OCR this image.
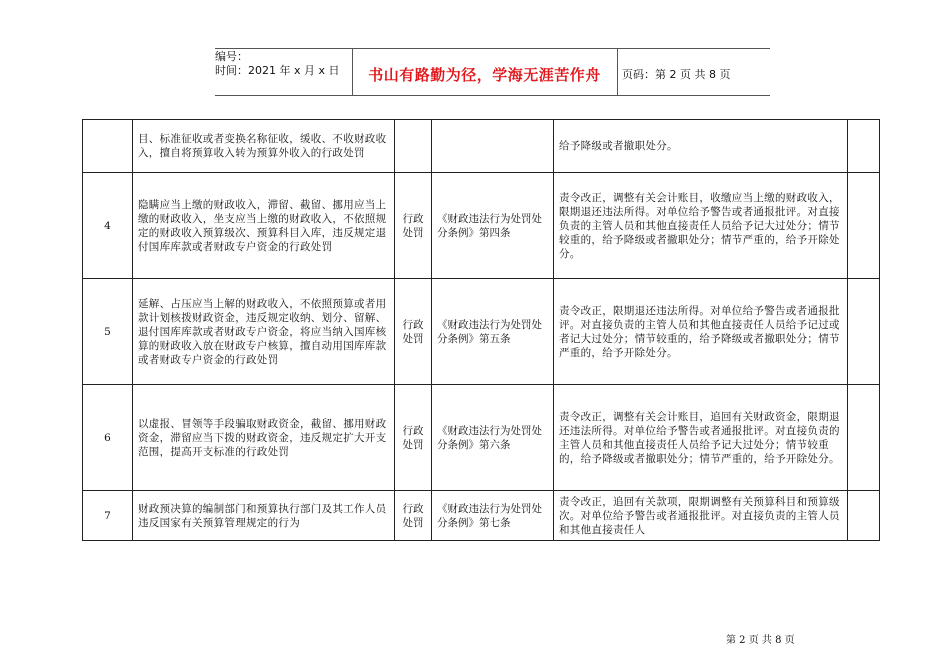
编号：
时间：2021 年 x 月 x 日	书山有路勤为径，学海无涯苦作舟	页码：第 2 页 共 8 页
	目、标准征收或者变换名称征收，缓收、不收财政收入，擅自将预算收入转为预算外收入的行政处罚			给予降级或者撤职处分。	
4	隐瞒应当上缴的财政收入，滞留、截留、挪用应当上缴的财政收入，坐支应当上缴的财政收入，不依照规定的财政收入预算级次、预算科目入库，违反规定退付国库库款或者财政专户资金的行政处罚	行政处罚	《财政违法行为处罚处分条例》第四条	责令改正，调整有关会计账目，收缴应当上缴的财政收入，限期退还违法所得。对单位给予警告或者通报批评。对直接负责的主管人员和其他直接责任人员给予记大过处分；情节较重的，给予降级或者撤职处分；情节严重的，给予开除处分。	
5	延解、占压应当上解的财政收入，不依照预算或者用款计划核拨财政资金，违反规定收纳、划分、留解、退付国库库款或者财政专户资金，将应当纳入国库核算的财政收入放在财政专户核算，擅自动用国库库款或者财政专户资金的行政处罚	行政处罚	《财政违法行为处罚处分条例》第五条	责令改正，限期退还违法所得。对单位给予警告或者通报批评。对直接负责的主管人员和其他直接责任人员给予记过或者记大过处分；情节较重的，给予降级或者撤职处分；情节严重的，给予开除处分。	
6	以虚报、冒领等手段骗取财政资金，截留、挪用财政资金，滞留应当下拨的财政资金，违反规定扩大开支范围，提高开支标准的行政处罚	行政处罚	《财政违法行为处罚处分条例》第六条	责令改正，调整有关会计账目，追回有关财政资金，限期退还违法所得。对单位给予警告或者通报批评。对直接负责的主管人员和其他直接责任人员给予记大过处分；情节较重的，给予降级或者撤职处分；情节严重的，给予开除处分。	
7	财政预决算的编制部门和预算执行部门及其工作人员违反国家有关预算管理规定的行为	行政处罚	《财政违法行为处罚处分条例》第七条	责令改正，追回有关款项，限期调整有关预算科目和预算级次。对单位给予警告或者通报批评。对直接负责的主管人员和其他直接责任人	
第 2 页 共 8 页
